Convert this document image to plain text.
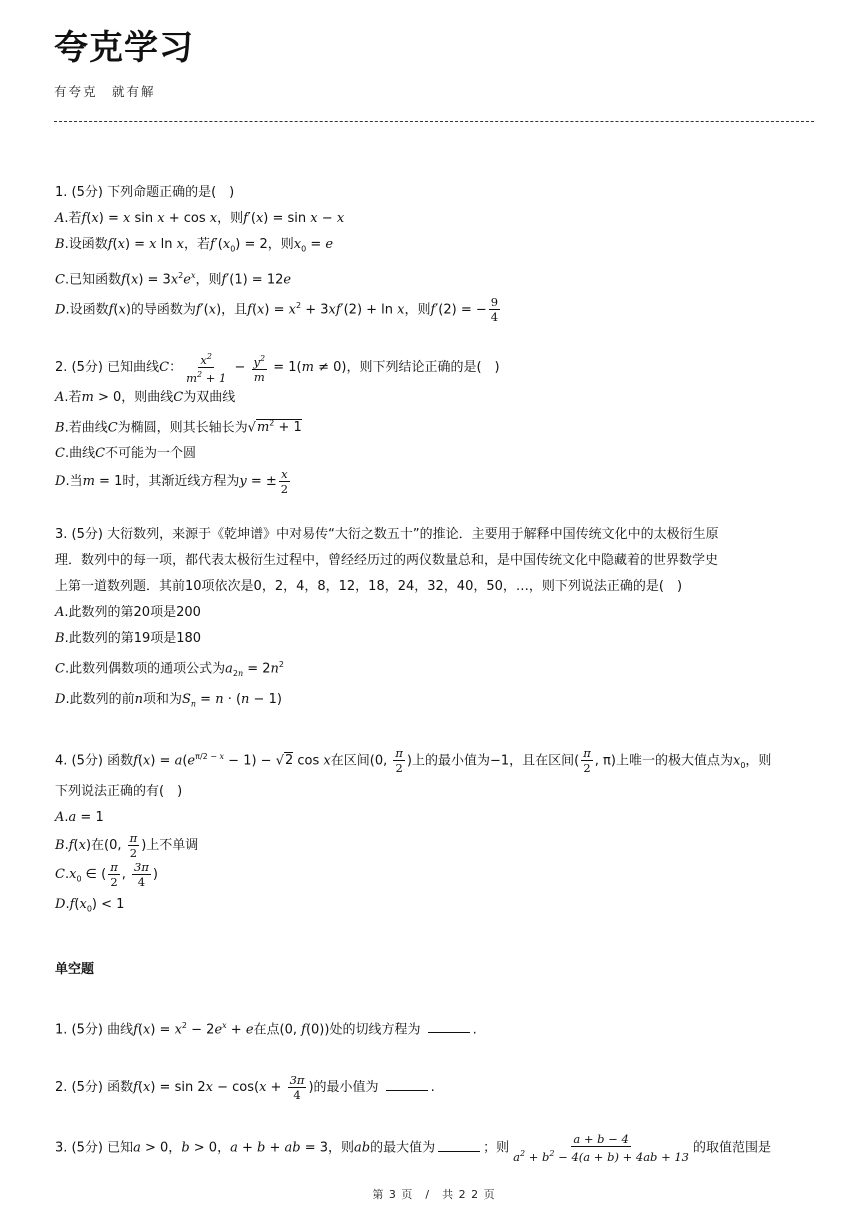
夸克学习
有夸克　就有解

1. (5分) 下列命题正确的是(　)

A.若f(x) = x sin x + cos x，则f′(x) = sin x − x

B.设函数f(x) = x ln x，若$f'(x_0) = 2$，则$x_0 = e$

C.已知函数$f(x) = 3x^2e^x$，则f′(1) = 12e

D.设函数f(x)的导函数为f′(x)，且$f(x) = x^2 + 3xf'(2) + \ln x$，则f′(2) = − $\frac{9}{4}$

2. (5分) 已知曲线C： $\frac{x^2}{m^2 + 1} - \frac{y^2}{m} = 1(m \ne 0)$，则下列结论正确的是(　)

A.若m > 0，则曲线C为双曲线

B.若曲线C为椭圆，则其长轴长为$√m^2 + 1$

C.曲线C不可能为一个圆

D.当m = 1时，其渐近线方程为y = ± $\frac{x}{2}$

3. (5分) 大衍数列，来源于《乾坤谱》中对易传“大衍之数五十”的推论．主要用于解释中国传统文化中的太极衍生原

理．数列中的每一项，都代表太极衍生过程中，曾经经历过的两仪数量总和，是中国传统文化中隐藏着的世界数学史

上第一道数列题．其前10项依次是0，2，4，8，12，18，24，32，40，50，…，则下列说法正确的是(　)

A.此数列的第20项是200

B.此数列的第19项是180

C.此数列偶数项的通项公式为$a_{2n} = 2n^2$

D.此数列的前n项和为$S_n = n \cdot (n - 1)$

4. (5分) 函数$f(x) = a(e^{\pi/2 - x} - 1) - √2$ cos x在区间(0, $\frac{\pi}{2}$ )上的最小值为−1，且在区间( $\frac{\pi}{2}$ , π)上唯一的极大值点为$x_0$，则

下列说法正确的有(　)

A.a = 1

B.f(x)在(0, $\frac{\pi}{2}$ )上不单调

$C.x_0$ ∈ ( $\frac{\pi}{2}$ , $\frac{3\pi}{4}$ )

$D.f(x_0) < 1$

单空题

1. (5分) 曲线$f(x) = x^2 - 2e^x + e$在点(0, f(0))处的切线方程为	.

2. (5分) 函数$f(x) = \sin 2x - \cos(x + \frac{3\pi}{4}$ )的最小值为	.

3. (5分) 已知a > 0，b > 0，a + b + ab = 3，则ab的最大值为	；则 $\frac{a + b - 4}{a^2 + b^2 - 4(a + b) + 4ab + 13}$ 的取值范围是

第 3 页　/　共 2 2 页
